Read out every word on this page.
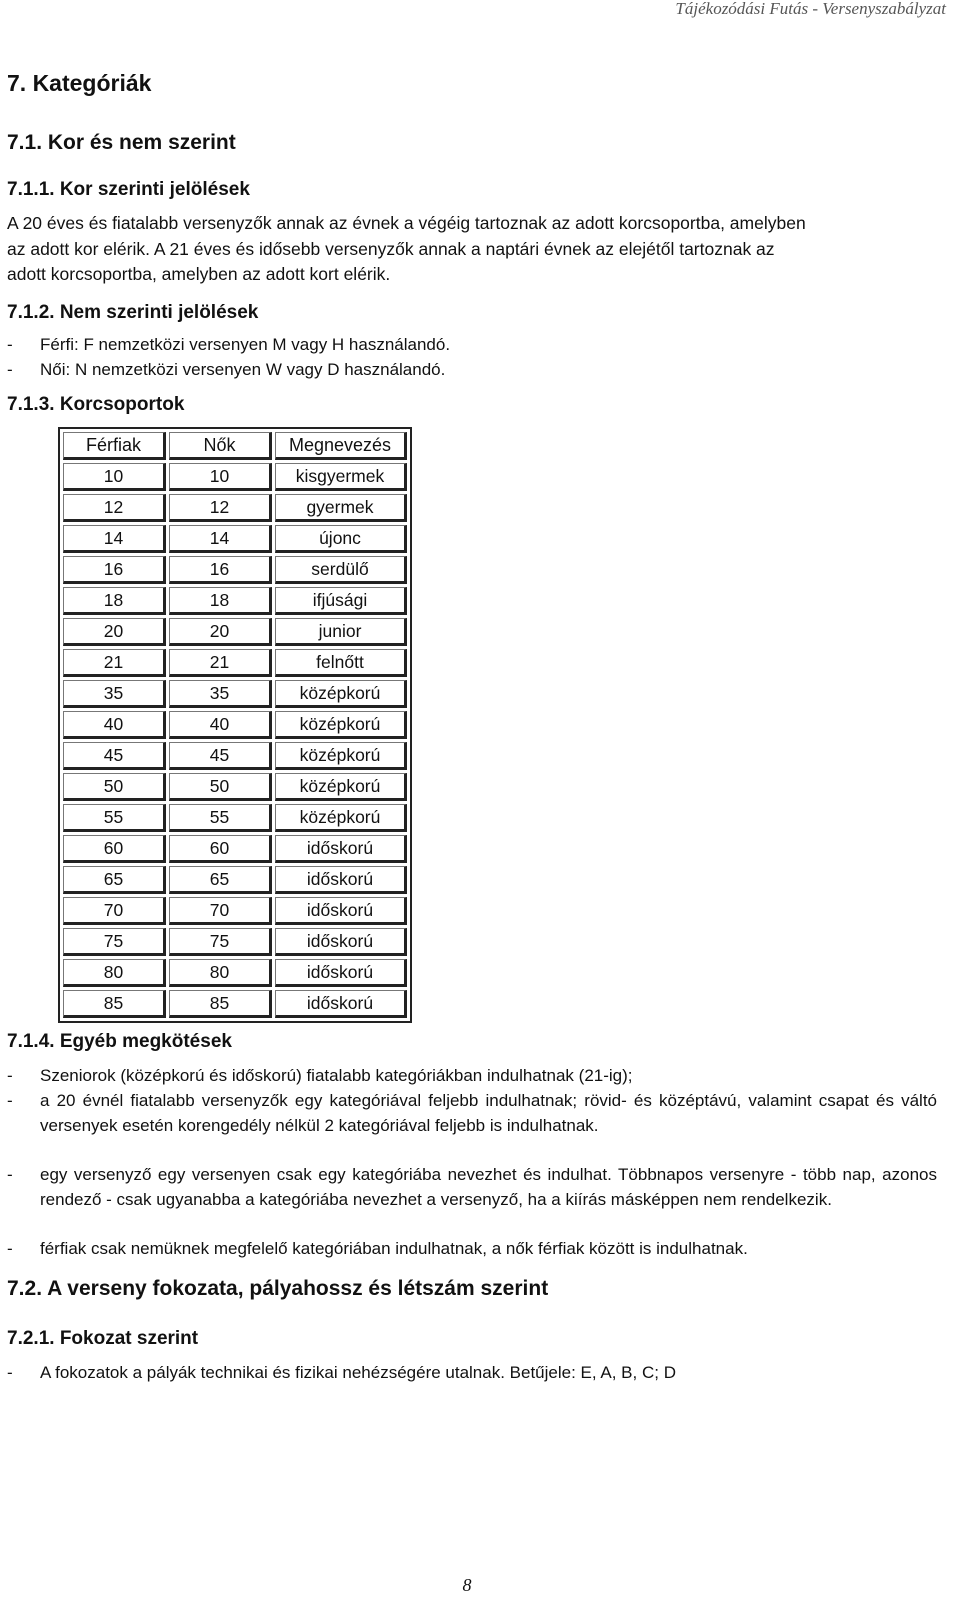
Tájékozódási Futás - Versenyszabályzat
7. Kategóriák
7.1. Kor és nem szerint
7.1.1. Kor szerinti jelölések
A 20 éves és fiatalabb versenyzők annak az évnek a végéig tartoznak az adott korcsoportba, amelyben
az adott kor elérik. A 21 éves és idősebb versenyzők annak a naptári évnek az elejétől tartoznak az
adott korcsoportba, amelyben az adott kort elérik.
7.1.2. Nem szerinti jelölések
- Férfi: F nemzetközi versenyen M vagy H használandó.
- Női: N nemzetközi versenyen W vagy D használandó.
7.1.3. Korcsoportok
Férfiak	Nők	Megnevezés
10	10	kisgyermek
12	12	gyermek
14	14	újonc
16	16	serdülő
18	18	ifjúsági
20	20	junior
21	21	felnőtt
35	35	középkorú
40	40	középkorú
45	45	középkorú
50	50	középkorú
55	55	középkorú
60	60	időskorú
65	65	időskorú
70	70	időskorú
75	75	időskorú
80	80	időskorú
85	85	időskorú
7.1.4. Egyéb megkötések
- Szeniorok (középkorú és időskorú) fiatalabb kategóriákban indulhatnak (21-ig);
- a 20 évnél fiatalabb versenyzők egy kategóriával feljebb indulhatnak; rövid- és középtávú, valamint csapat és váltó versenyek esetén korengedély nélkül 2 kategóriával feljebb is indulhatnak.
- egy versenyző egy versenyen csak egy kategóriába nevezhet és indulhat. Többnapos versenyre - több nap, azonos rendező - csak ugyanabba a kategóriába nevezhet a versenyző, ha a kiírás másképpen nem rendelkezik.
- férfiak csak nemüknek megfelelő kategóriában indulhatnak, a nők férfiak között is indulhatnak.
7.2. A verseny fokozata, pályahossz és létszám szerint
7.2.1. Fokozat szerint
- A fokozatok a pályák technikai és fizikai nehézségére utalnak. Betűjele: E, A, B, C; D
8
